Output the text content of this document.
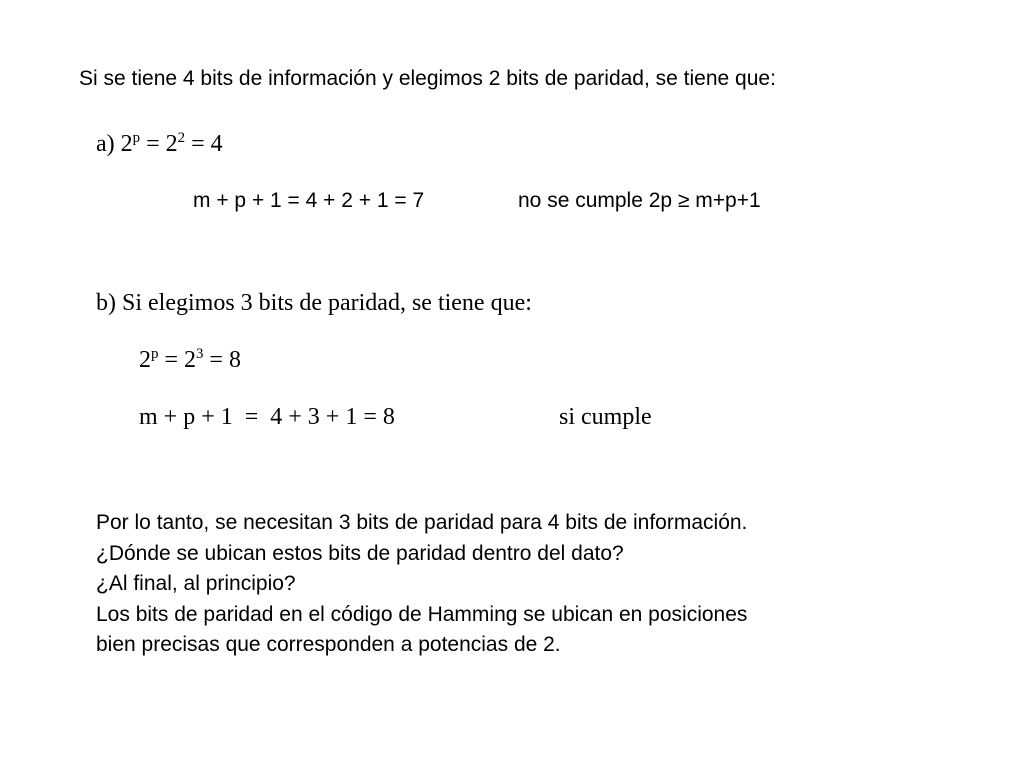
Si se tiene 4 bits de información y elegimos 2 bits de paridad, se tiene que:
a) $2^p = 2^2 = 4$
m + p + 1 = 4 + 2 + 1 = 7	no se cumple 2p ≥ m+p+1
b) Si elegimos 3 bits de paridad, se tiene que:
$2^p = 2^3 = 8$
m + p + 1  =  4 + 3 + 1 = 8	si cumple
Por lo tanto, se necesitan 3 bits de paridad para 4 bits de información.
¿Dónde se ubican estos bits de paridad dentro del dato?
¿Al final, al principio?
Los bits de paridad en el código de Hamming se ubican en posiciones
bien precisas que corresponden a potencias de 2.
